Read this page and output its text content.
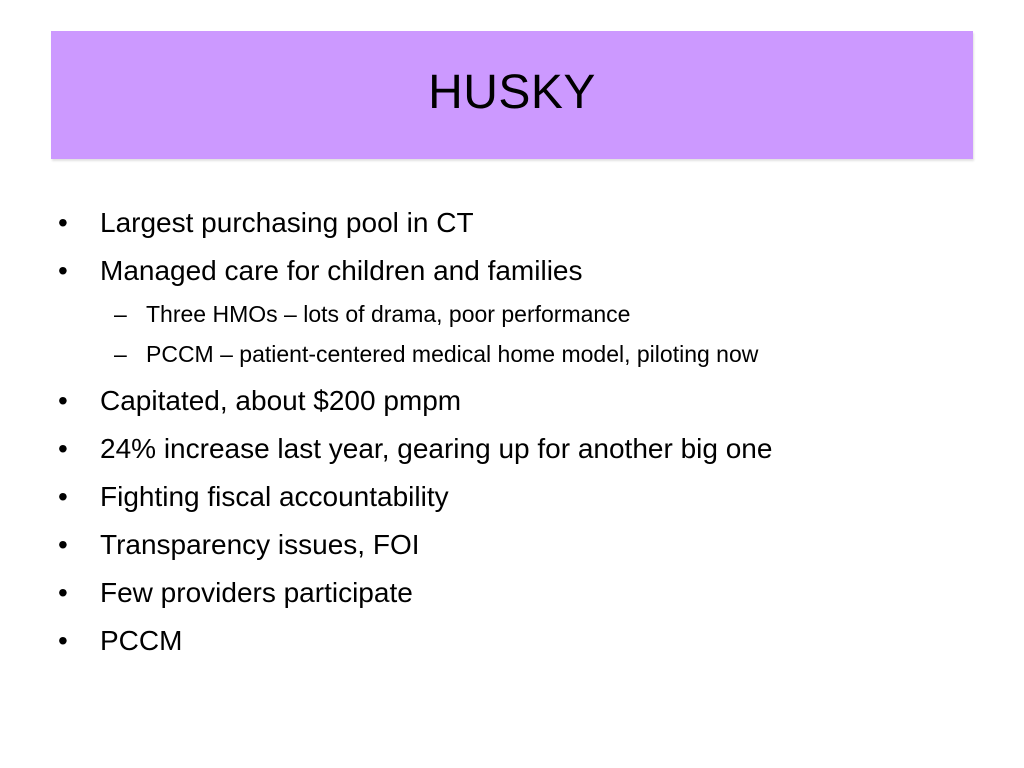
HUSKY
• Largest purchasing pool in CT
• Managed care for children and families
– Three HMOs – lots of drama, poor performance
– PCCM – patient-centered medical home model, piloting now
• Capitated, about $200 pmpm
• 24% increase last year, gearing up for another big one
• Fighting fiscal accountability
• Transparency issues, FOI
• Few providers participate
• PCCM
